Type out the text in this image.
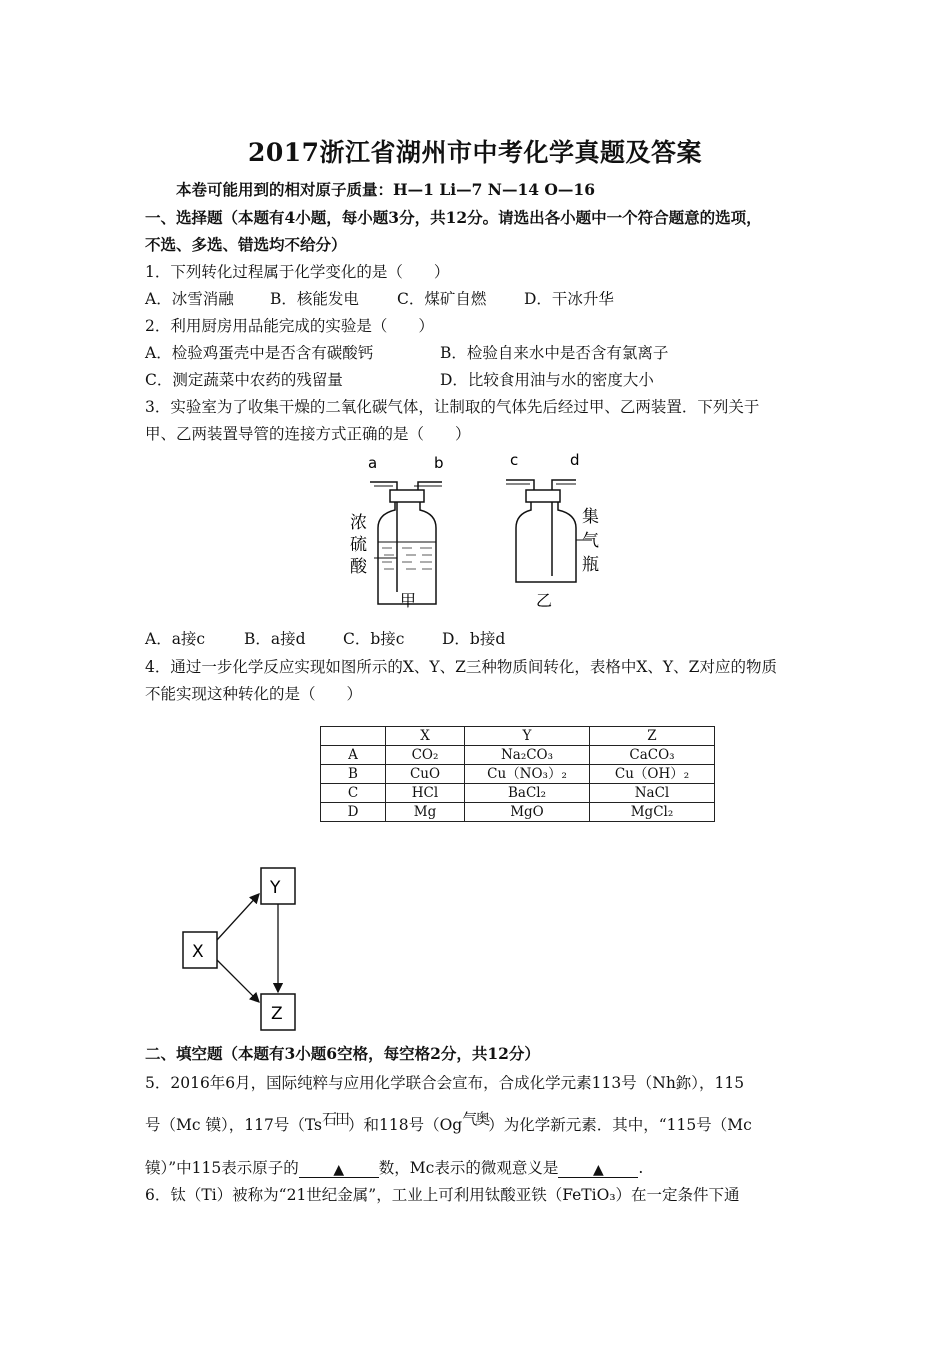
2017浙江省湖州市中考化学真题及答案
本卷可能用到的相对原子质量：H—1 Li—7 N—14 O—16
一、选择题（本题有4小题，每小题3分，共12分。请选出各小题中一个符合题意的选项，
不选、多选、错选均不给分）
1．下列转化过程属于化学变化的是（　　）
A．冰雪消融 B．核能发电 C．煤矿自燃 D．干冰升华
2．利用厨房用品能完成的实验是（　　）
A．检验鸡蛋壳中是否含有碳酸钙	B．检验自来水中是否含有氯离子
C．测定蔬菜中农药的残留量	D．比较食用油与水的密度大小
3．实验室为了收集干燥的二氧化碳气体，让制取的气体先后经过甲、乙两装置．下列关于
甲、乙两装置导管的连接方式正确的是（　　）
a	b
浓
硫
酸
甲
c	d
集
气
瓶
乙
A．a接c	B．a接d C．b接c D．b接d
4．通过一步化学反应实现如图所示的X、Y、Z三种物质间转化，表格中X、Y、Z对应的物质
不能实现这种转化的是（　　）
	X	Y	Z
A	CO₂	Na₂CO₃	CaCO₃
B	CuO	Cu（NO₃）₂	Cu（OH）₂
C	HCl	BaCl₂	NaCl
D	Mg	MgO	MgCl₂
X
Y
Z
二、填空题（本题有3小题6空格，每空格2分，共12分）
5．2016年6月，国际纯粹与应用化学联合会宣布，合成化学元素113号（Nh鉨），115
号（Mc 镆），117号（Ts石田）和118号（Og气奥）为化学新元素．其中，“115号（Mc
镆）”中115表示原子的 ▲ 数，Mc表示的微观意义是 ▲ .
6．钛（Ti）被称为“21世纪金属”，工业上可利用钛酸亚铁（FeTiO₃）在一定条件下通
